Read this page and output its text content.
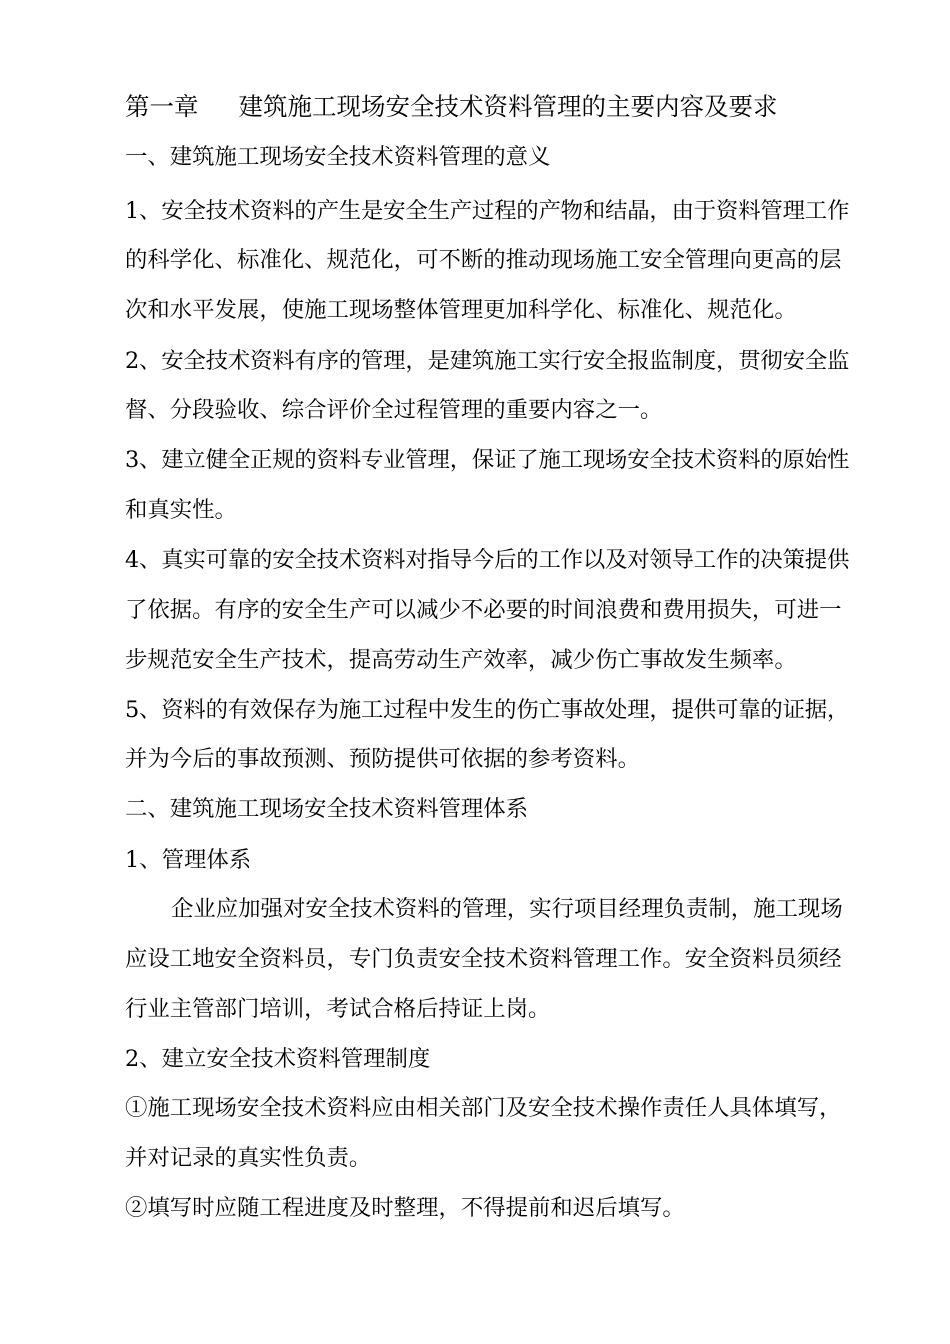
第一章 建筑施工现场安全技术资料管理的主要内容及要求
一、建筑施工现场安全技术资料管理的意义
1、安全技术资料的产生是安全生产过程的产物和结晶，由于资料管理工作
的科学化、标准化、规范化，可不断的推动现场施工安全管理向更高的层
次和水平发展，使施工现场整体管理更加科学化、标准化、规范化。
2、安全技术资料有序的管理，是建筑施工实行安全报监制度，贯彻安全监
督、分段验收、综合评价全过程管理的重要内容之一。
3、建立健全正规的资料专业管理，保证了施工现场安全技术资料的原始性
和真实性。
4、真实可靠的安全技术资料对指导今后的工作以及对领导工作的决策提供
了依据。有序的安全生产可以减少不必要的时间浪费和费用损失，可进一
步规范安全生产技术，提高劳动生产效率，减少伤亡事故发生频率。
5、资料的有效保存为施工过程中发生的伤亡事故处理，提供可靠的证据，
并为今后的事故预测、预防提供可依据的参考资料。
二、建筑施工现场安全技术资料管理体系
1、管理体系
企业应加强对安全技术资料的管理，实行项目经理负责制，施工现场
应设工地安全资料员，专门负责安全技术资料管理工作。安全资料员须经
行业主管部门培训，考试合格后持证上岗。
2、建立安全技术资料管理制度
①施工现场安全技术资料应由相关部门及安全技术操作责任人具体填写，
并对记录的真实性负责。
②填写时应随工程进度及时整理，不得提前和迟后填写。
